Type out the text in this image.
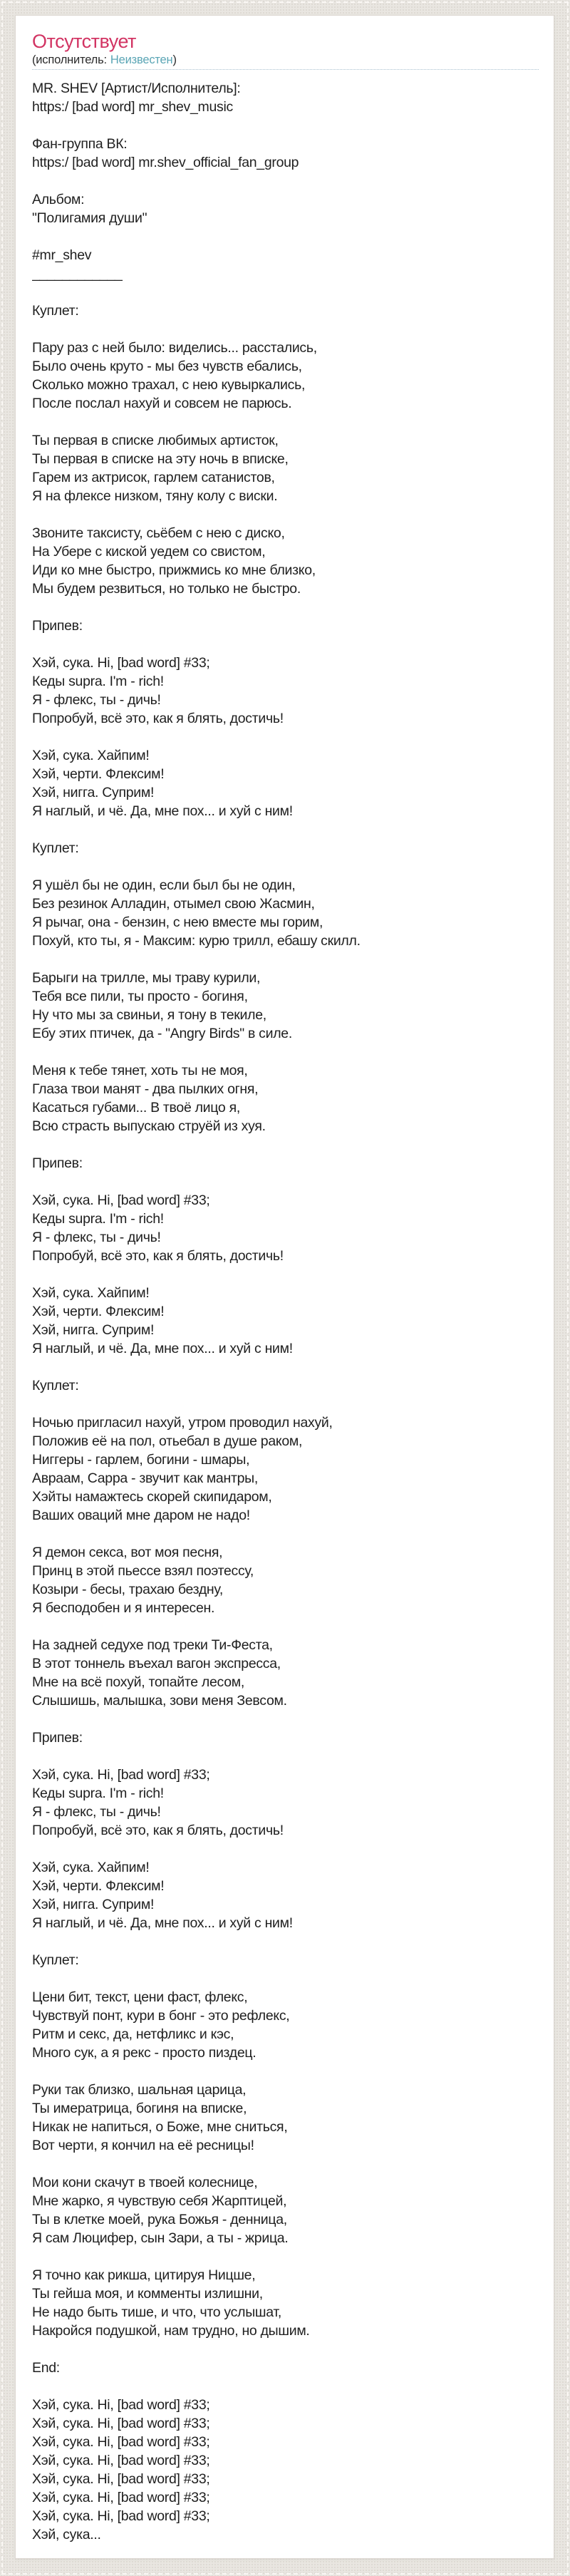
Отсутствует
(исполнитель: Неизвестен)
MR. SHEV [Артист/Исполнитель]:
https:/ [bad word] mr_shev_music

Фан-группа ВК:
https:/ [bad word] mr.shev_official_fan_group

Альбом:
"Полигамия души"

#mr_shev
____________

Куплет:

Пару раз с ней было: виделись... расстались,
Было очень круто - мы без чувств ебались,
Сколько можно трахал, с нею кувыркались,
После послал нахуй и совсем не парюсь.

Ты первая в списке любимых артисток,
Ты первая в списке на эту ночь в вписке,
Гарем из актрисок, гарлем сатанистов,
Я на флексе низком, тяну колу с виски.

Звоните таксисту, сьёбем с нею с диско,
На Убере с киской уедем со свистом,
Иди ко мне быстро, прижмись ко мне близко,
Мы будем резвиться, но только не быстро.

Припев:

Хэй, сука. Hi, [bad word] #33;
Кеды supra. I'm - rich!
Я - флекс, ты - дичь!
Попробуй, всё это, как я блять, достичь!

Хэй, сука. Хайпим!
Хэй, черти. Флексим!
Хэй, нигга. Суприм!
Я наглый, и чё. Да, мне пох... и хуй с ним!

Куплет:

Я ушёл бы не один, если был бы не один,
Без резинок Алладин, отымел свою Жасмин,
Я рычаг, она - бензин, с нею вместе мы горим,
Похуй, кто ты, я - Максим: курю трилл, ебашу скилл.

Барыги на трилле, мы траву курили,
Тебя все пили, ты просто - богиня,
Ну что мы за свиньи, я тону в текиле,
Ебу этих птичек, да - "Angry Birds" в силе.

Меня к тебе тянет, хоть ты не моя,
Глаза твои манят - два пылких огня,
Касаться губами... В твоё лицо я,
Всю страсть выпускаю струёй из хуя.

Припев:

Хэй, сука. Hi, [bad word] #33;
Кеды supra. I'm - rich!
Я - флекс, ты - дичь!
Попробуй, всё это, как я блять, достичь!

Хэй, сука. Хайпим!
Хэй, черти. Флексим!
Хэй, нигга. Суприм!
Я наглый, и чё. Да, мне пох... и хуй с ним!

Куплет:

Ночью пригласил нахуй, утром проводил нахуй,
Положив её на пол, отьебал в душе раком,
Ниггеры - гарлем, богини - шмары,
Авраам, Сарра - звучит как мантры,
Хэйты намажтесь скорей скипидаром,
Ваших оваций мне даром не надо!

Я демон секса, вот моя песня,
Принц в этой пьессе взял поэтессу,
Козыри - бесы, трахаю бездну,
Я бесподобен и я интересен.

На задней седухе под треки Ти-Феста,
В этот тоннель въехал вагон экспресса,
Мне на всё похуй, топайте лесом,
Слышишь, малышка, зови меня Зевсом.

Припев:

Хэй, сука. Hi, [bad word] #33;
Кеды supra. I'm - rich!
Я - флекс, ты - дичь!
Попробуй, всё это, как я блять, достичь!

Хэй, сука. Хайпим!
Хэй, черти. Флексим!
Хэй, нигга. Суприм!
Я наглый, и чё. Да, мне пох... и хуй с ним!

Куплет:

Цени бит, текст, цени фаст, флекс,
Чувствуй понт, кури в бонг - это рефлекс,
Ритм и секс, да, нетфликс и кэс,
Много сук, а я рекс - просто пиздец.

Руки так близко, шальная царица,
Ты имератрица, богиня на вписке,
Никак не напиться, о Боже, мне сниться,
Вот черти, я кончил на её ресницы!

Мои кони скачут в твоей колеснице,
Мне жарко, я чувствую себя Жарптицей,
Ты в клетке моей, рука Божья - денница,
Я сам Люцифер, сын Зари, а ты - жрица.

Я точно как рикша, цитируя Ницше,
Ты гейша моя, и комменты излишни,
Не надо быть тише, и что, что услышат,
Накройся подушкой, нам трудно, но дышим.

End:

Хэй, сука. Hi, [bad word] #33;
Хэй, сука. Hi, [bad word] #33;
Хэй, сука. Hi, [bad word] #33;
Хэй, сука. Hi, [bad word] #33;
Хэй, сука. Hi, [bad word] #33;
Хэй, сука. Hi, [bad word] #33;
Хэй, сука. Hi, [bad word] #33;
Хэй, сука...
